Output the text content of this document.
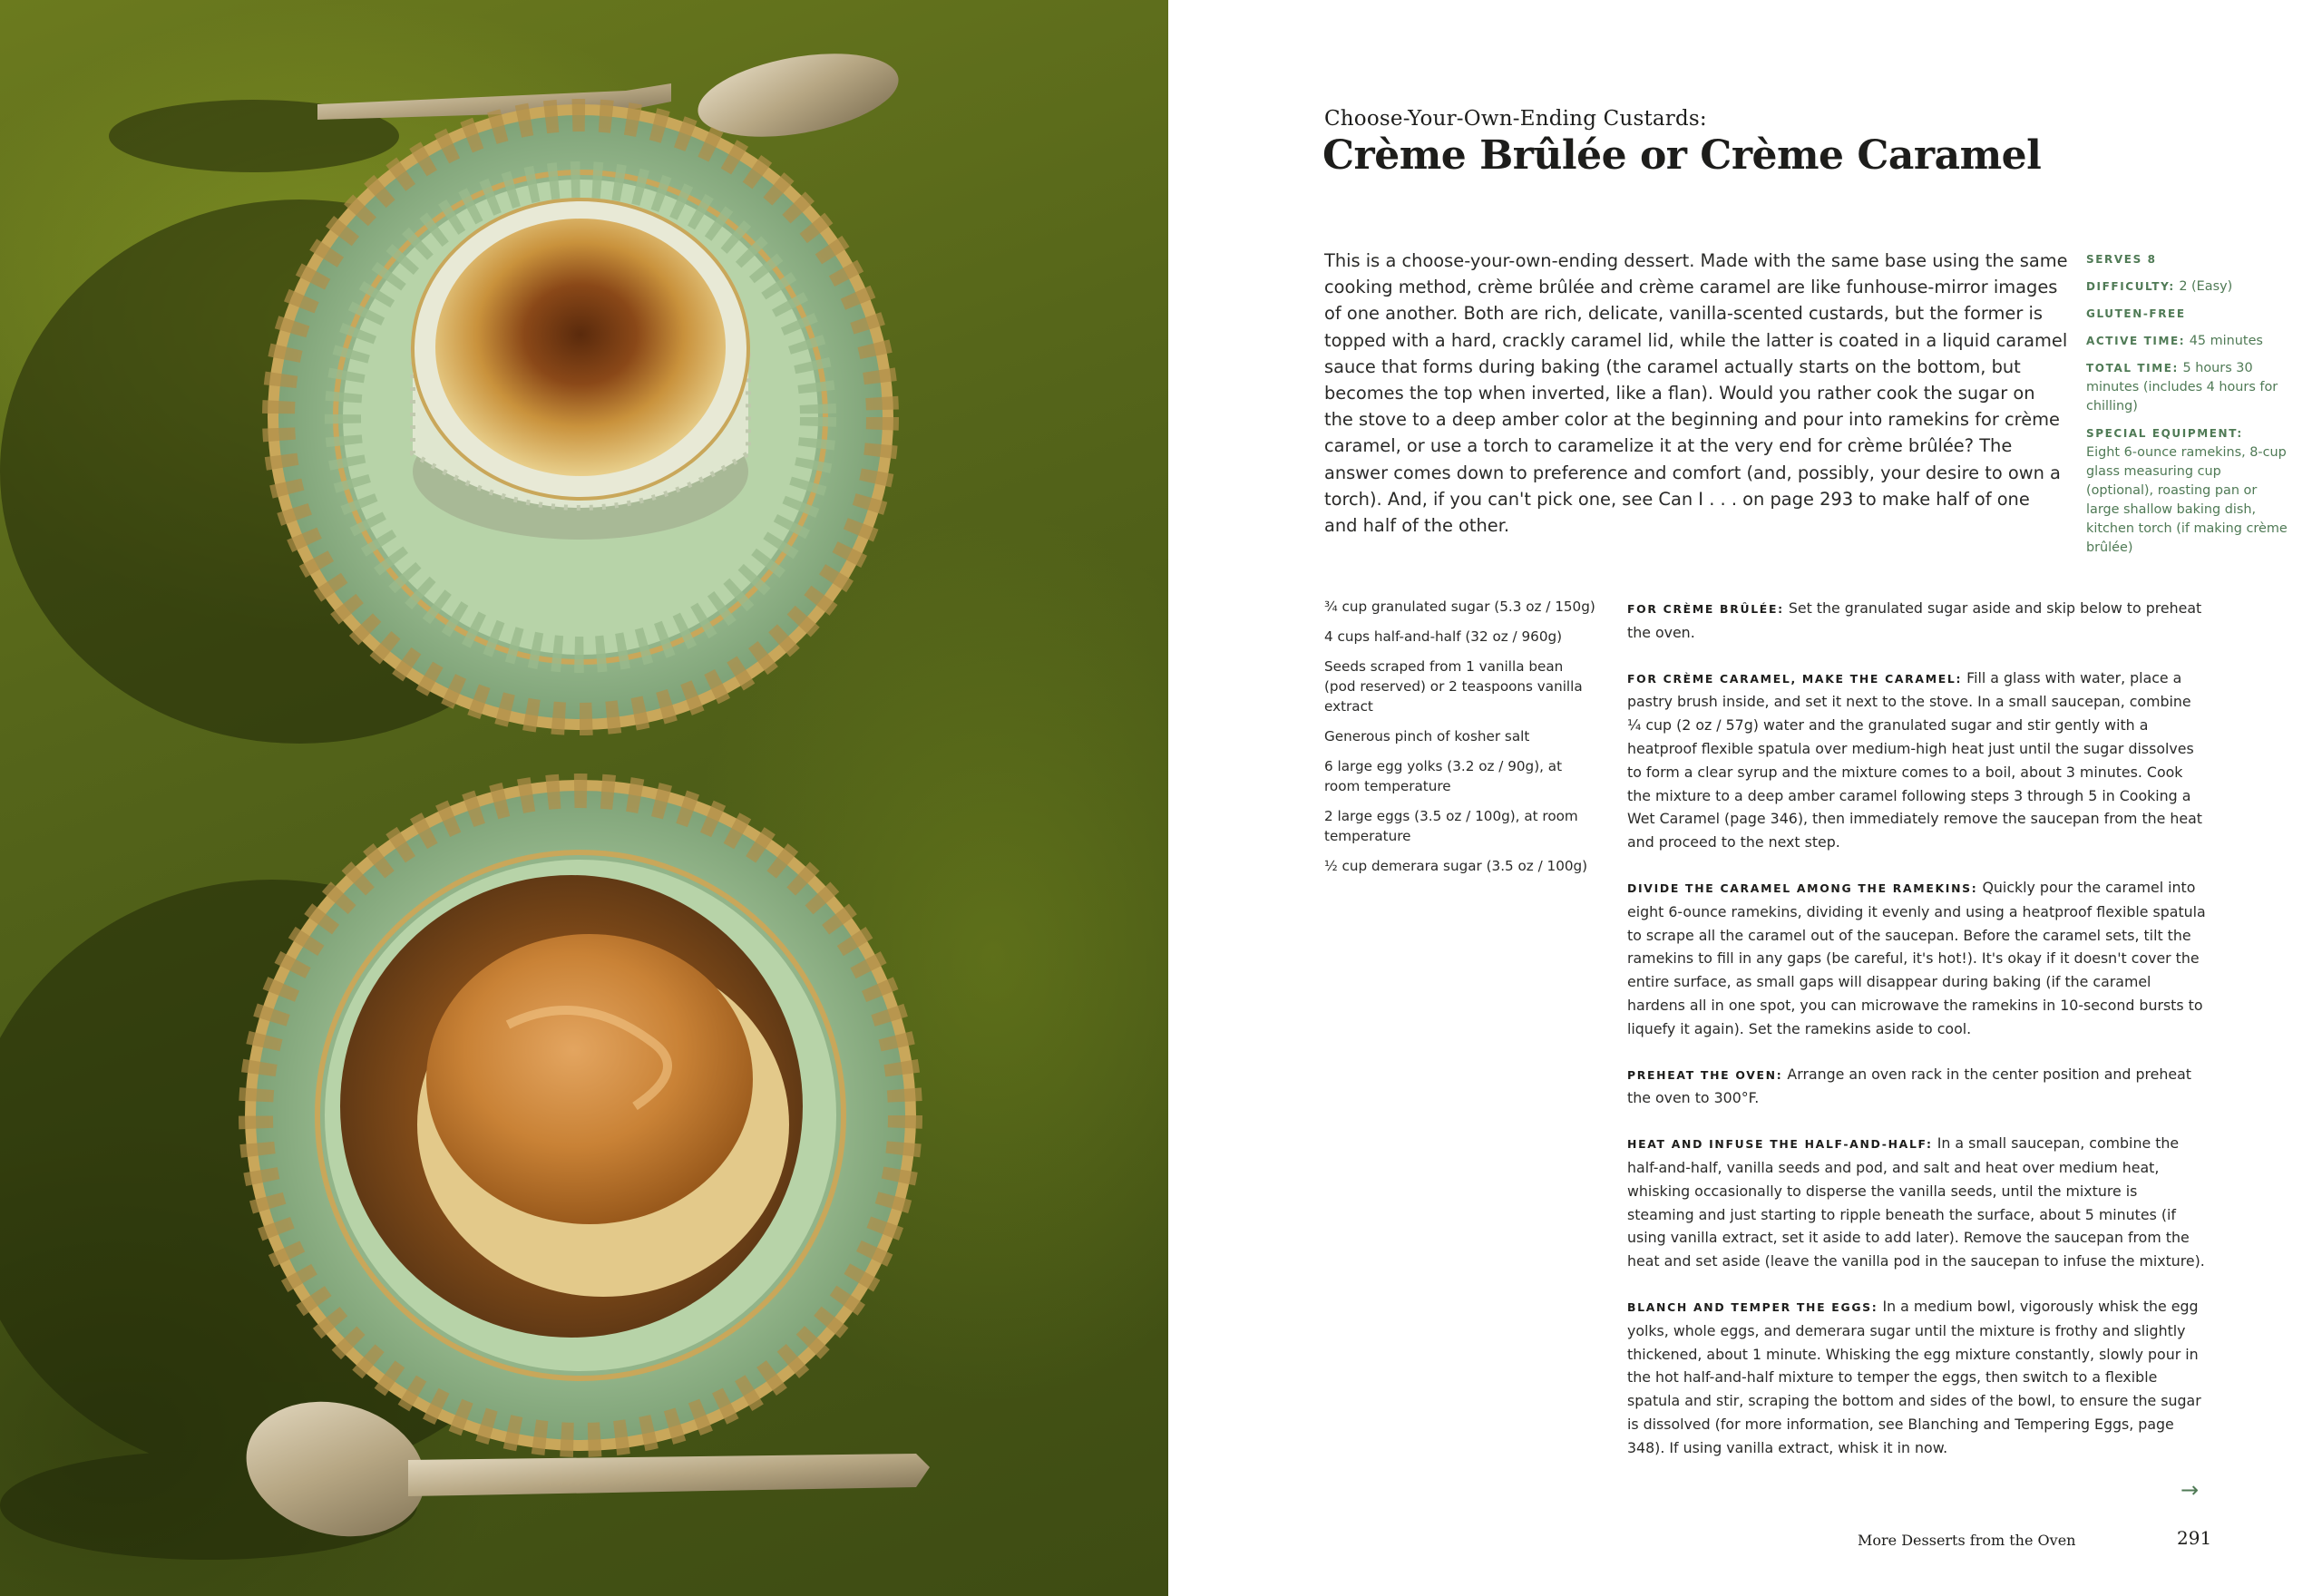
Choose-Your-Own-Ending Custards:
Crème Brûlée or Crème Caramel

This is a choose-your-own-ending dessert. Made with the same base using the same cooking method, crème brûlée and crème caramel are like funhouse-mirror images of one another. Both are rich, delicate, vanilla-scented custards, but the former is topped with a hard, crackly caramel lid, while the latter is coated in a liquid caramel sauce that forms during baking (the caramel actually starts on the bottom, but becomes the top when inverted, like a flan). Would you rather cook the sugar on the stove to a deep amber color at the beginning and pour into ramekins for crème caramel, or use a torch to caramelize it at the very end for crème brûlée? The answer comes down to preference and comfort (and, possibly, your desire to own a torch). And, if you can't pick one, see Can I . . . on page 293 to make half of one and half of the other.

SERVES 8
DIFFICULTY: 2 (Easy)
GLUTEN-FREE
ACTIVE TIME: 45 minutes
TOTAL TIME: 5 hours 30 minutes (includes 4 hours for chilling)
SPECIAL EQUIPMENT:
Eight 6-ounce ramekins, 8-cup glass measuring cup (optional), roasting pan or large shallow baking dish, kitchen torch (if making crème brûlée)
¾ cup granulated sugar (5.3 oz / 150g)
4 cups half-and-half (32 oz / 960g)
Seeds scraped from 1 vanilla bean (pod reserved) or 2 teaspoons vanilla extract
Generous pinch of kosher salt
6 large egg yolks (3.2 oz / 90g), at room temperature
2 large eggs (3.5 oz / 100g), at room temperature
½ cup demerara sugar (3.5 oz / 100g)

FOR CRÈME BRÛLÉE: Set the granulated sugar aside and skip below to preheat the oven.

FOR CRÈME CARAMEL, MAKE THE CARAMEL: Fill a glass with water, place a pastry brush inside, and set it next to the stove. In a small saucepan, combine ¼ cup (2 oz / 57g) water and the granulated sugar and stir gently with a heatproof flexible spatula over medium-high heat just until the sugar dissolves to form a clear syrup and the mixture comes to a boil, about 3 minutes. Cook the mixture to a deep amber caramel following steps 3 through 5 in Cooking a Wet Caramel (page 346), then immediately remove the saucepan from the heat and proceed to the next step.

DIVIDE THE CARAMEL AMONG THE RAMEKINS: Quickly pour the caramel into eight 6-ounce ramekins, dividing it evenly and using a heatproof flexible spatula to scrape all the caramel out of the saucepan. Before the caramel sets, tilt the ramekins to fill in any gaps (be careful, it's hot!). It's okay if it doesn't cover the entire surface, as small gaps will disappear during baking (if the caramel hardens all in one spot, you can microwave the ramekins in 10-second bursts to liquefy it again). Set the ramekins aside to cool.

PREHEAT THE OVEN: Arrange an oven rack in the center position and preheat the oven to 300°F.

HEAT AND INFUSE THE HALF-AND-HALF: In a small saucepan, combine the half-and-half, vanilla seeds and pod, and salt and heat over medium heat, whisking occasionally to disperse the vanilla seeds, until the mixture is steaming and just starting to ripple beneath the surface, about 5 minutes (if using vanilla extract, set it aside to add later). Remove the saucepan from the heat and set aside (leave the vanilla pod in the saucepan to infuse the mixture).

BLANCH AND TEMPER THE EGGS: In a medium bowl, vigorously whisk the egg yolks, whole eggs, and demerara sugar until the mixture is frothy and slightly thickened, about 1 minute. Whisking the egg mixture constantly, slowly pour in the hot half-and-half mixture to temper the eggs, then switch to a flexible spatula and stir, scraping the bottom and sides of the bowl, to ensure the sugar is dissolved (for more information, see Blanching and Tempering Eggs, page 348). If using vanilla extract, whisk it in now.

→
More Desserts from the Oven	291
